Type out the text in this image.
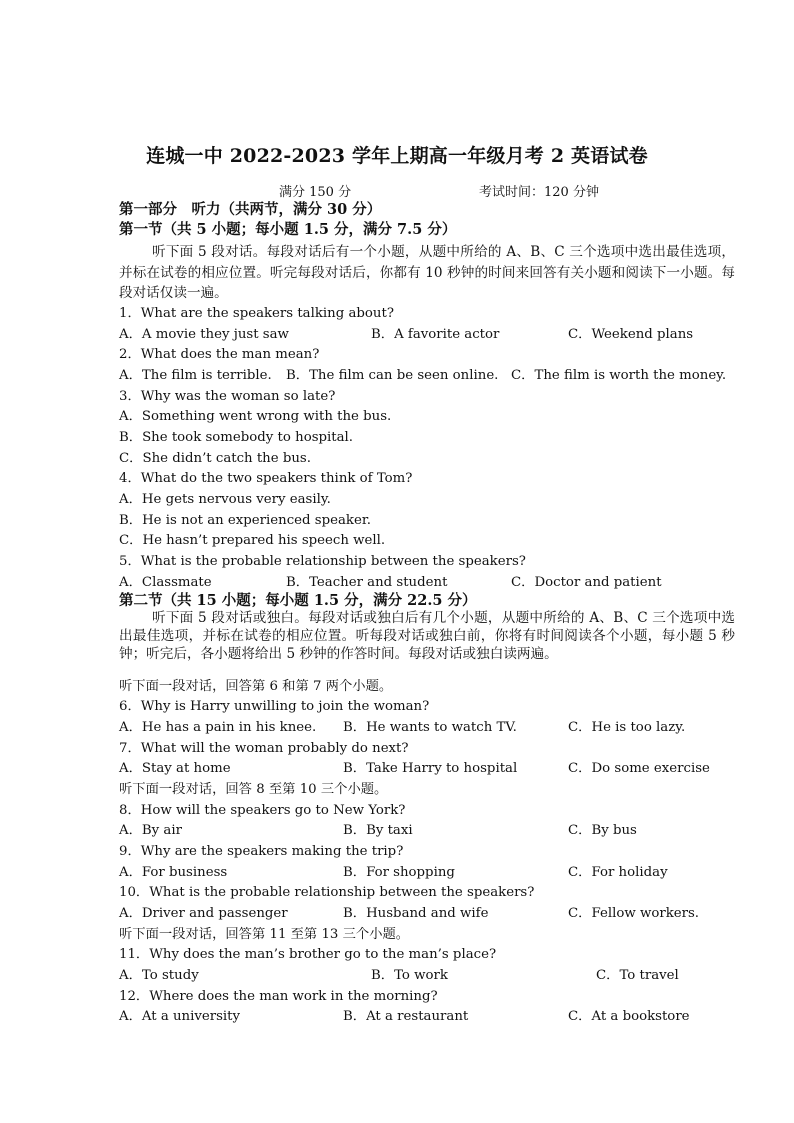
连城一中 2022-2023 学年上期高一年级月考 2 英语试卷
满分 150 分	考试时间：120 分钟
第一部分　听力（共两节，满分 30 分）
第一节（共 5 小题；每小题 1.5 分，满分 7.5 分）
听下面 5 段对话。每段对话后有一个小题，从题中所给的 A、B、C 三个选项中选出最佳选项，并标在试卷的相应位置。听完每段对话后，你都有 10 秒钟的时间来回答有关小题和阅读下一小题。每段对话仅读一遍。
1．What are the speakers talking about?
A．A movie they just saw	B．A favorite actor	C．Weekend plans
2．What does the man mean?
A．The film is terrible. B．The film can be seen online. C．The film is worth the money.
3．Why was the woman so late?
A．Something went wrong with the bus.
B．She took somebody to hospital.
C．She didn’t catch the bus.
4．What do the two speakers think of Tom?
A．He gets nervous very easily.
B．He is not an experienced speaker.
C．He hasn’t prepared his speech well.
5．What is the probable relationship between the speakers?
A．Classmate	B．Teacher and student	C．Doctor and patient
第二节（共 15 小题；每小题 1.5 分，满分 22.5 分）
听下面 5 段对话或独白。每段对话或独白后有几个小题，从题中所给的 A、B、C 三个选项中选出最佳选项，并标在试卷的相应位置。听每段对话或独白前，你将有时间阅读各个小题，每小题 5 秒钟；听完后，各小题将给出 5 秒钟的作答时间。每段对话或独白读两遍。
听下面一段对话，回答第 6 和第 7 两个小题。
6．Why is Harry unwilling to join the woman?
A．He has a pain in his knee. B．He wants to watch TV.	C．He is too lazy.
7．What will the woman probably do next?
A．Stay at home	B．Take Harry to hospital	C．Do some exercise
听下面一段对话，回答 8 至第 10 三个小题。
8．How will the speakers go to New York?
A．By air	B．By taxi	C．By bus
9．Why are the speakers making the trip?
A．For business	B．For shopping	C．For holiday
10．What is the probable relationship between the speakers?
A．Driver and passenger	B．Husband and wife	C．Fellow workers.
听下面一段对话，回答第 11 至第 13 三个小题。
11．Why does the man’s brother go to the man’s place?
A．To study	B．To work	C．To travel
12．Where does the man work in the morning?
A．At a university	B．At a restaurant	C．At a bookstore
